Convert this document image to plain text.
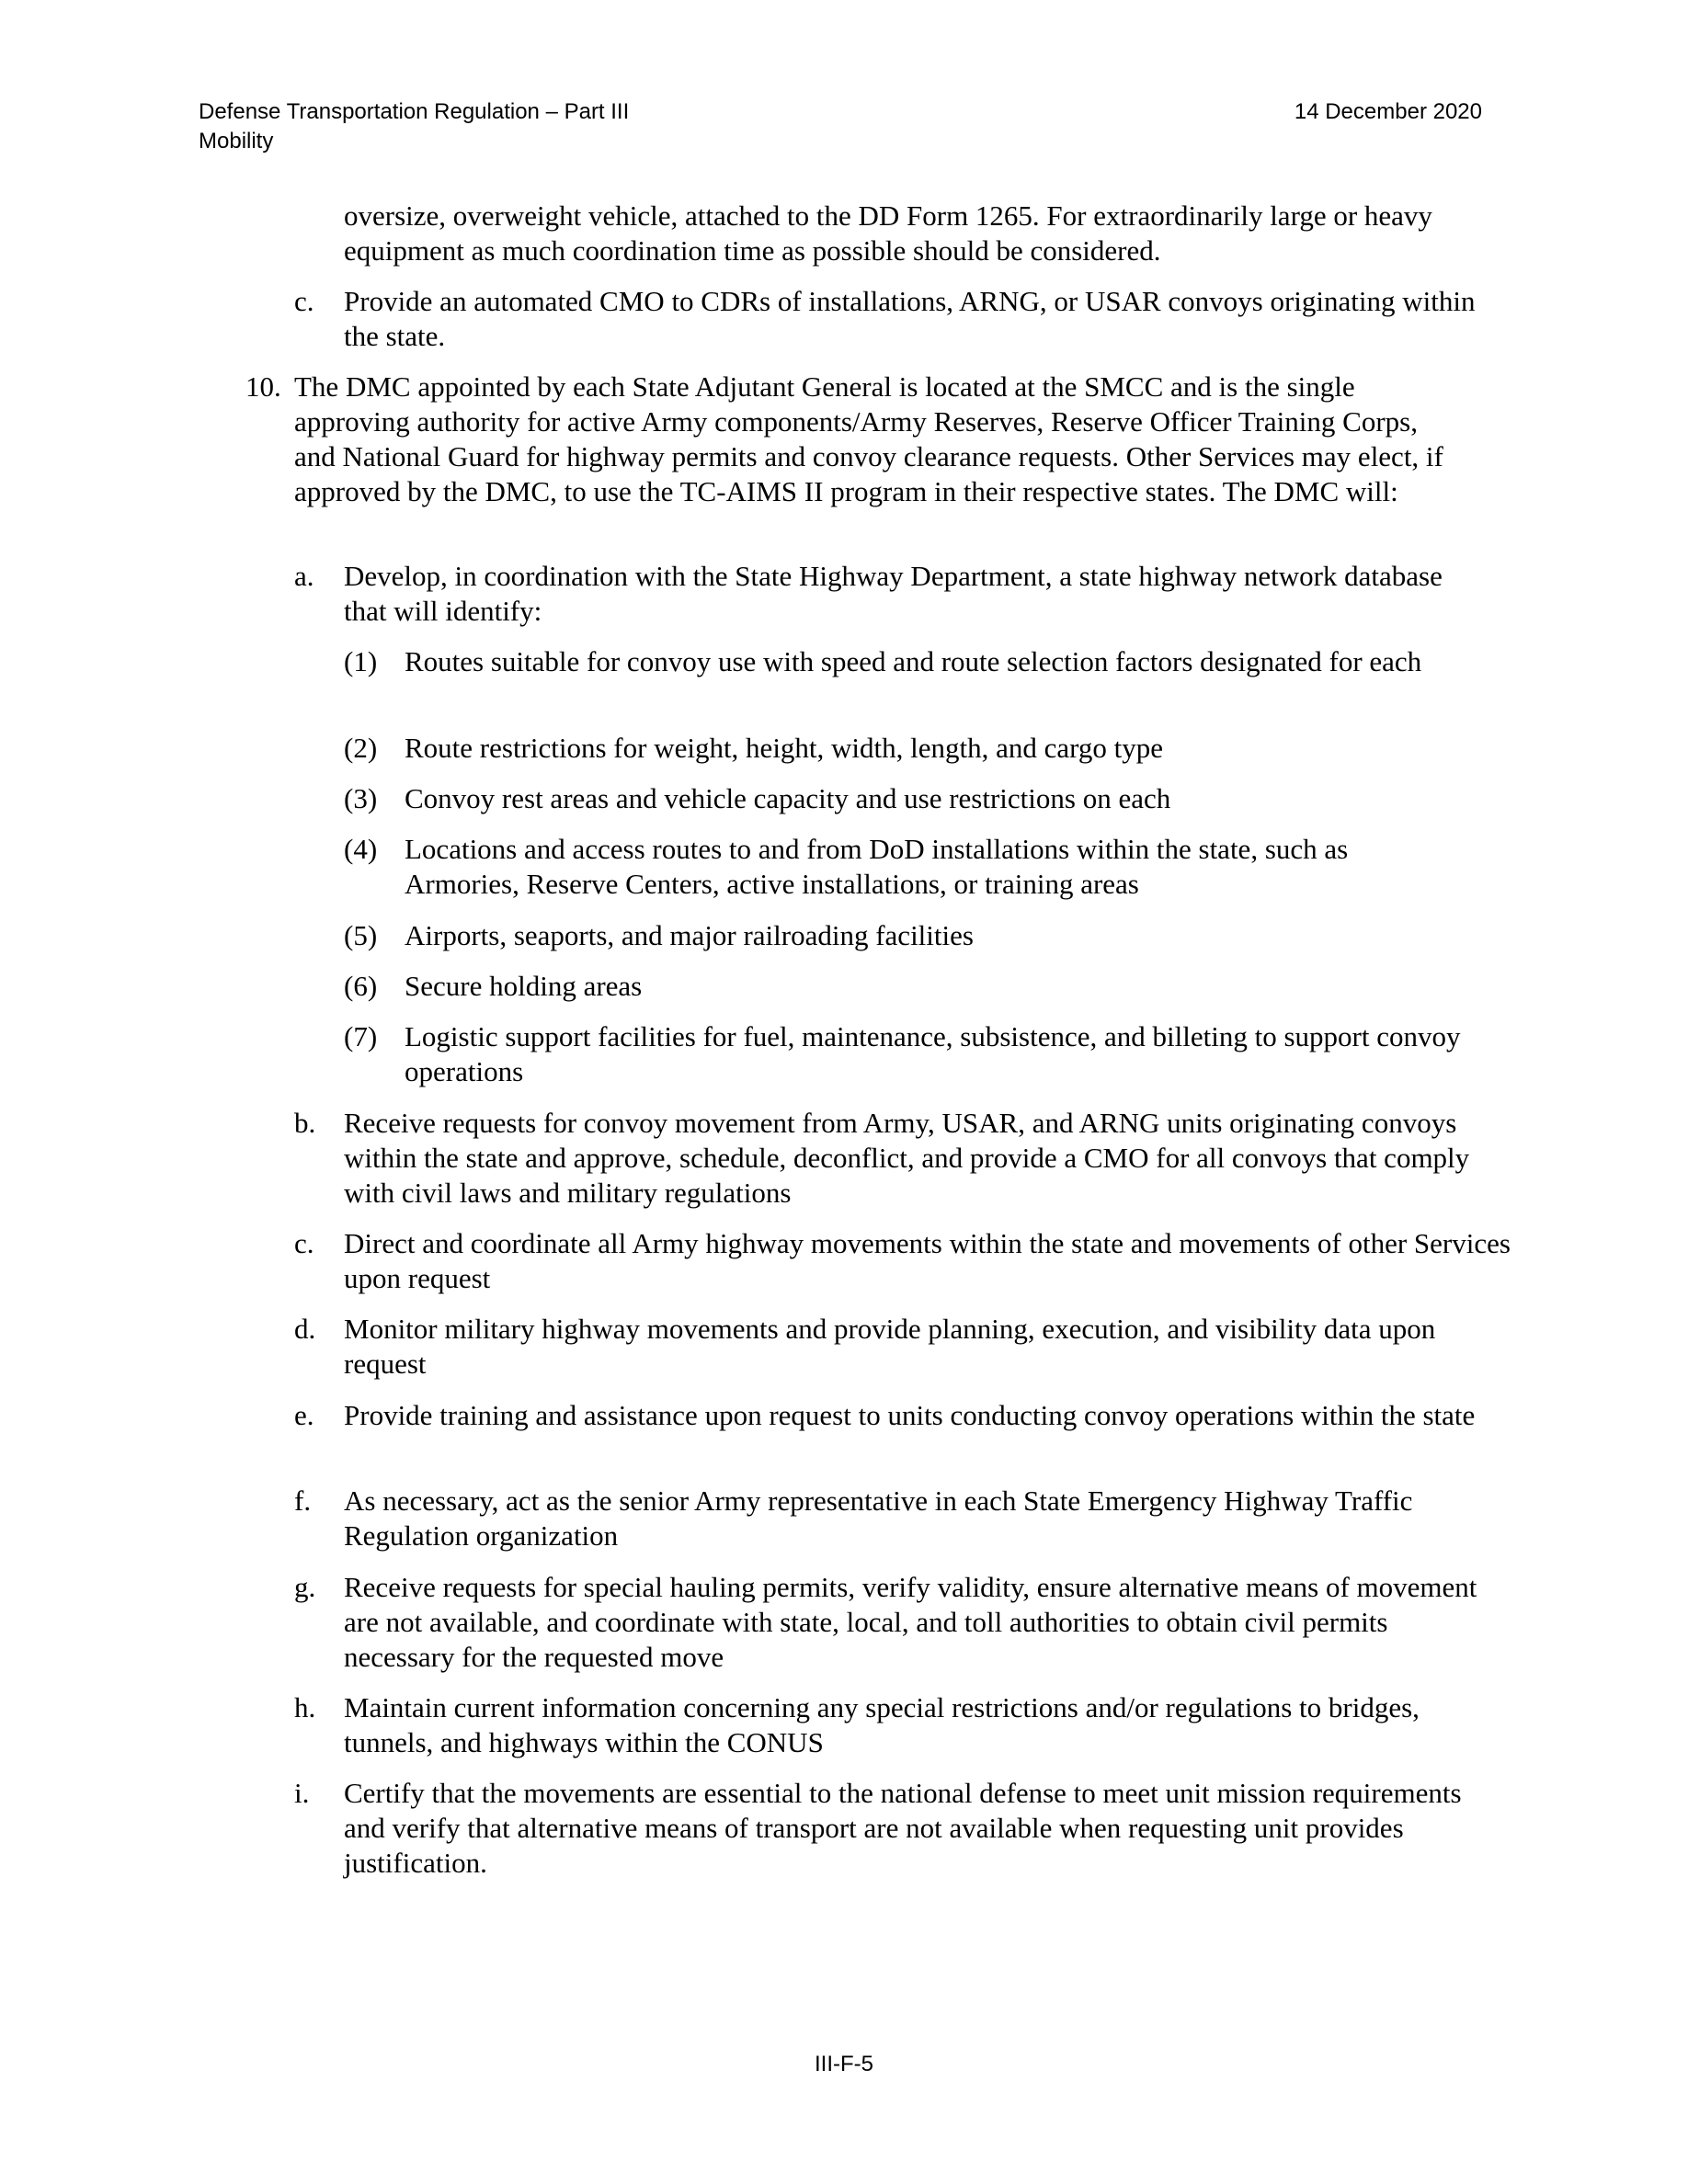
Defense Transportation Regulation – Part III
Mobility
14 December 2020
oversize, overweight vehicle, attached to the DD Form 1265. For extraordinarily large or heavy equipment as much coordination time as possible should be considered.
c. Provide an automated CMO to CDRs of installations, ARNG, or USAR convoys originating within the state.
10. The DMC appointed by each State Adjutant General is located at the SMCC and is the single approving authority for active Army components/Army Reserves, Reserve Officer Training Corps, and National Guard for highway permits and convoy clearance requests. Other Services may elect, if approved by the DMC, to use the TC-AIMS II program in their respective states. The DMC will:
a. Develop, in coordination with the State Highway Department, a state highway network database that will identify:
(1) Routes suitable for convoy use with speed and route selection factors designated for each
(2) Route restrictions for weight, height, width, length, and cargo type
(3) Convoy rest areas and vehicle capacity and use restrictions on each
(4) Locations and access routes to and from DoD installations within the state, such as Armories, Reserve Centers, active installations, or training areas
(5) Airports, seaports, and major railroading facilities
(6) Secure holding areas
(7) Logistic support facilities for fuel, maintenance, subsistence, and billeting to support convoy operations
b. Receive requests for convoy movement from Army, USAR, and ARNG units originating convoys within the state and approve, schedule, deconflict, and provide a CMO for all convoys that comply with civil laws and military regulations
c. Direct and coordinate all Army highway movements within the state and movements of other Services upon request
d. Monitor military highway movements and provide planning, execution, and visibility data upon request
e. Provide training and assistance upon request to units conducting convoy operations within the state
f. As necessary, act as the senior Army representative in each State Emergency Highway Traffic Regulation organization
g. Receive requests for special hauling permits, verify validity, ensure alternative means of movement are not available, and coordinate with state, local, and toll authorities to obtain civil permits necessary for the requested move
h. Maintain current information concerning any special restrictions and/or regulations to bridges, tunnels, and highways within the CONUS
i. Certify that the movements are essential to the national defense to meet unit mission requirements and verify that alternative means of transport are not available when requesting unit provides justification.
III-F-5
